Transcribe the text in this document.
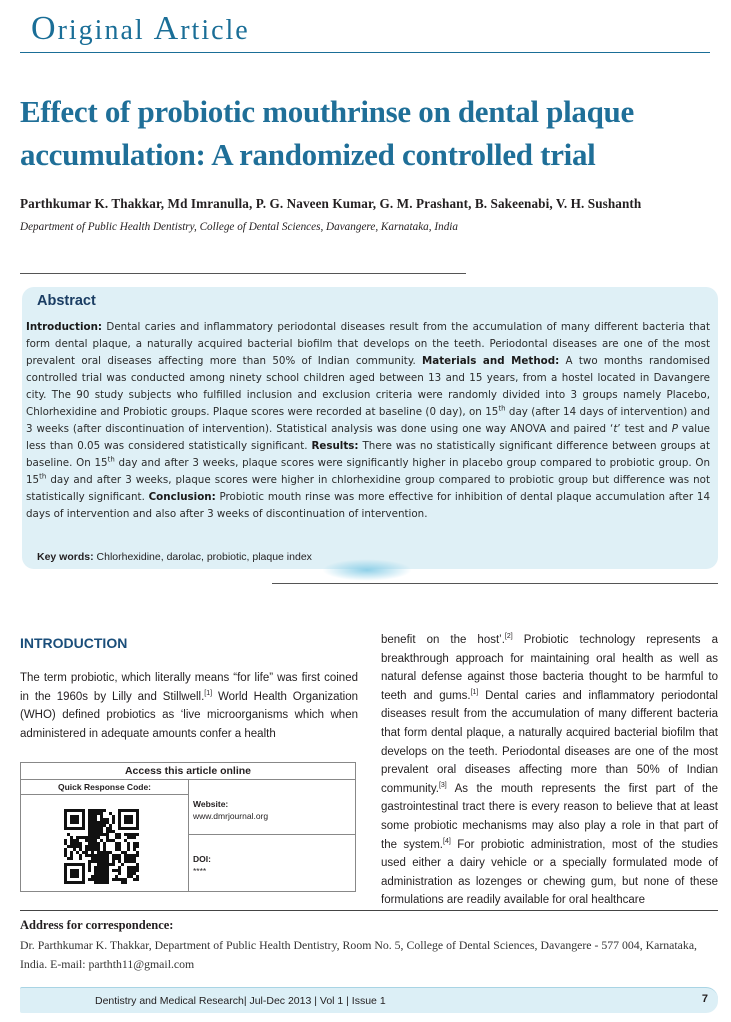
Original Article
Effect of probiotic mouthrinse on dental plaque accumulation: A randomized controlled trial
Parthkumar K. Thakkar, Md Imranulla, P. G. Naveen Kumar, G. M. Prashant, B. Sakeenabi, V. H. Sushanth
Department of Public Health Dentistry, College of Dental Sciences, Davangere, Karnataka, India
Abstract
Introduction: Dental caries and inflammatory periodontal diseases result from the accumulation of many different bacteria that form dental plaque, a naturally acquired bacterial biofilm that develops on the teeth. Periodontal diseases are one of the most prevalent oral diseases affecting more than 50% of Indian community. Materials and Method: A two months randomised controlled trial was conducted among ninety school children aged between 13 and 15 years, from a hostel located in Davangere city. The 90 study subjects who fulfilled inclusion and exclusion criteria were randomly divided into 3 groups namely Placebo, Chlorhexidine and Probiotic groups. Plaque scores were recorded at baseline (0 day), on 15th day (after 14 days of intervention) and 3 weeks (after discontinuation of intervention). Statistical analysis was done using one way ANOVA and paired ‘t’ test and P value less than 0.05 was considered statistically significant. Results: There was no statistically significant difference between groups at baseline. On 15th day and after 3 weeks, plaque scores were significantly higher in placebo group compared to probiotic group. On 15th day and after 3 weeks, plaque scores were higher in chlorhexidine group compared to probiotic group but difference was not statistically significant. Conclusion: Probiotic mouth rinse was more effective for inhibition of dental plaque accumulation after 14 days of intervention and also after 3 weeks of discontinuation of intervention.
Key words: Chlorhexidine, darolac, probiotic, plaque index
INTRODUCTION
The term probiotic, which literally means “for life” was first coined in the 1960s by Lilly and Stillwell.[1] World Health Organization (WHO) defined probiotics as ‘live microorganisms which when administered in adequate amounts confer a health
Access this article online
Quick Response Code:
Website:
www.dmrjournal.org
DOI:
****
benefit on the host’.[2] Probiotic technology represents a breakthrough approach for maintaining oral health as well as natural defense against those bacteria thought to be harmful to teeth and gums.[1] Dental caries and inflammatory periodontal diseases result from the accumulation of many different bacteria that form dental plaque, a naturally acquired bacterial biofilm that develops on the teeth. Periodontal diseases are one of the most prevalent oral diseases affecting more than 50% of Indian community.[3] As the mouth represents the first part of the gastrointestinal tract there is every reason to believe that at least some probiotic mechanisms may also play a role in that part of the system.[4] For probiotic administration, most of the studies used either a dairy vehicle or a specially formulated mode of administration as lozenges or chewing gum, but none of these formulations are readily available for oral healthcare
Address for correspondence:
Dr. Parthkumar K. Thakkar, Department of Public Health Dentistry, Room No. 5, College of Dental Sciences, Davangere - 577 004, Karnataka, India. E-mail: parthth11@gmail.com
Dentistry and Medical Research| Jul-Dec 2013 | Vol 1 | Issue 1	7
